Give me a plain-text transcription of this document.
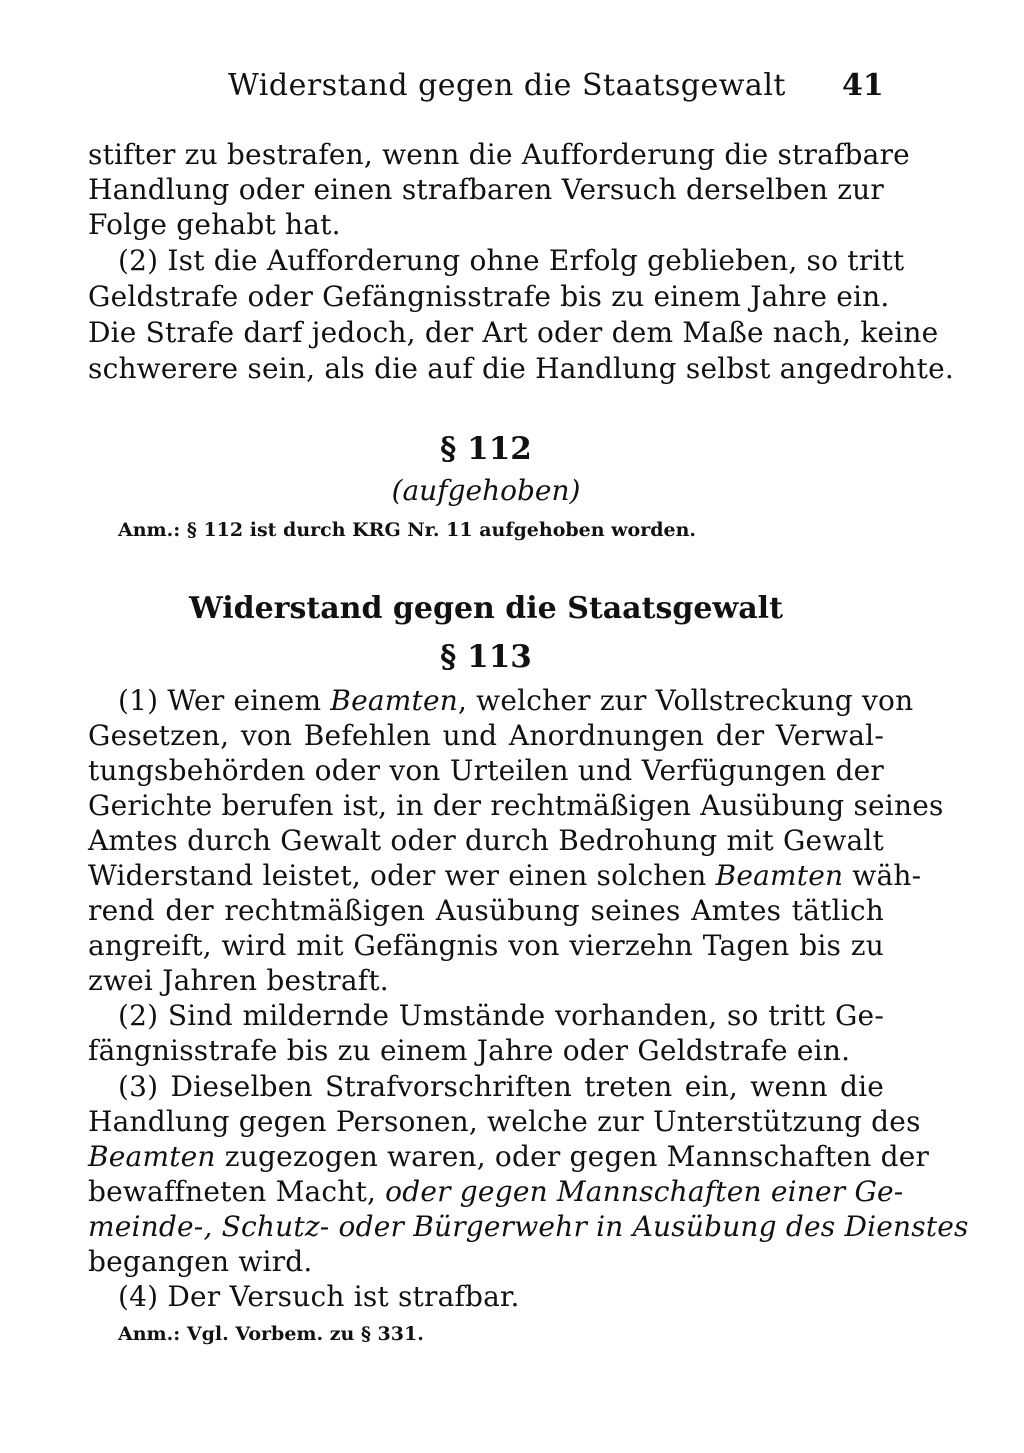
Widerstand gegen die Staatsgewalt 41
stifter zu bestrafen, wenn die Aufforderung die strafbare
Handlung oder einen strafbaren Versuch derselben zur
Folge gehabt hat.
(2) Ist die Aufforderung ohne Erfolg geblieben, so tritt
Geldstrafe oder Gefängnisstrafe bis zu einem Jahre ein.
Die Strafe darf jedoch, der Art oder dem Maße nach, keine
schwerere sein, als die auf die Handlung selbst angedrohte.
§ 112
(aufgehoben)
Anm.: § 112 ist durch KRG Nr. 11 aufgehoben worden.
Widerstand gegen die Staatsgewalt
§ 113
(1) Wer einem Beamten, welcher zur Vollstreckung von
Gesetzen, von Befehlen und Anordnungen der Verwal-
tungsbehörden oder von Urteilen und Verfügungen der
Gerichte berufen ist, in der rechtmäßigen Ausübung seines
Amtes durch Gewalt oder durch Bedrohung mit Gewalt
Widerstand leistet, oder wer einen solchen Beamten wäh-
rend der rechtmäßigen Ausübung seines Amtes tätlich
angreift, wird mit Gefängnis von vierzehn Tagen bis zu
zwei Jahren bestraft.
(2) Sind mildernde Umstände vorhanden, so tritt Ge-
fängnisstrafe bis zu einem Jahre oder Geldstrafe ein.
(3) Dieselben Strafvorschriften treten ein, wenn die
Handlung gegen Personen, welche zur Unterstützung des
Beamten zugezogen waren, oder gegen Mannschaften der
bewaffneten Macht, oder gegen Mannschaften einer Ge-
meinde-, Schutz- oder Bürgerwehr in Ausübung des Dienstes
begangen wird.
(4) Der Versuch ist strafbar.
Anm.: Vgl. Vorbem. zu § 331.
